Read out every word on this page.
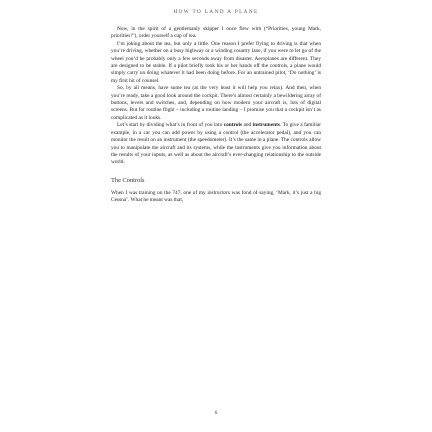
HOW TO LAND A PLANE

Now, in the spirit of a gentlemanly skipper I once flew with (“Priorities, young Mark, priorities!”), order yourself a cup of tea.

I’m joking about the tea, but only a little. One reason I prefer flying to driving is that when you’re driving, whether on a busy highway or a winding country lane, if you were to let go of the wheel you’d be probably only a few seconds away from disaster. Aeroplanes are different. They are designed to be stable. If a pilot briefly took his or her hands off the controls, a plane would simply carry on doing whatever it had been doing before. For an untrained pilot, ‘Do nothing’ is my first bit of counsel.

So, by all means, have some tea (at the very least it will help you relax). And then, when you’re ready, take a good look around the cockpit. There’s almost certainly a bewildering array of buttons, levers and switches, and, depending on how modern your aircraft is, lots of digital screens. But for routine flight – including a routine landing – I promise you that a cockpit isn’t as complicated as it looks.

Let’s start by dividing what’s in front of you into controls and instruments. To give a familiar example, in a car you can add power by using a control (the accelerator pedal), and you can monitor the result on an instrument (the speedometer). It’s the same in a plane. The controls allow you to manipulate the aircraft and its systems, while the instruments give you information about the results of your inputs, as well as about the aircraft’s ever-changing relationship to the outside world.

The Controls

When I was training on the 747, one of my instructors was fond of saying, ‘Mark, it’s just a big Cessna’. What he meant was that,

6
